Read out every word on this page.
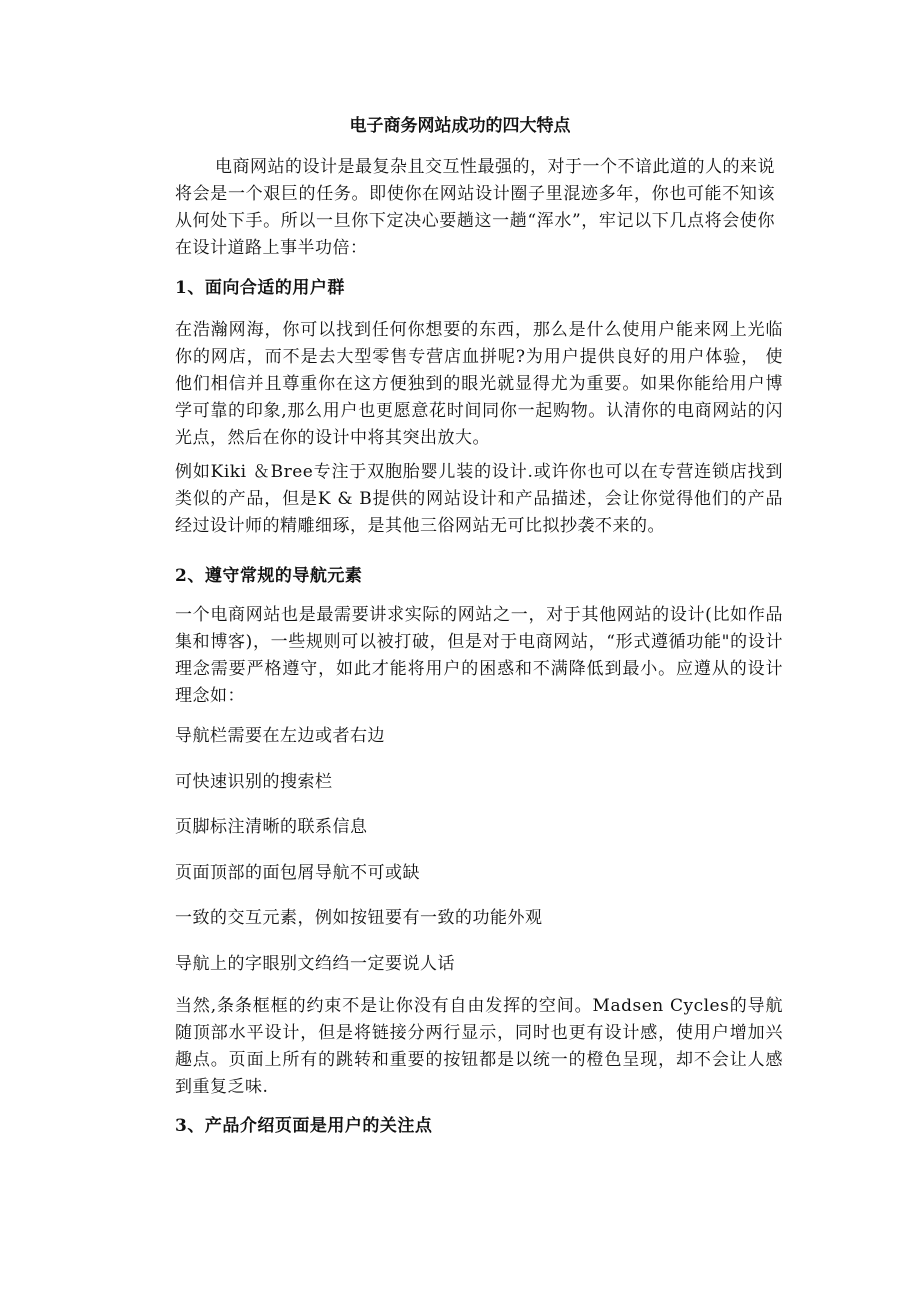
电子商务网站成功的四大特点

电商网站的设计是最复杂且交互性最强的，对于一个不谙此道的人的来说将会是一个艰巨的任务。即使你在网站设计圈子里混迹多年，你也可能不知该从何处下手。所以一旦你下定决心要趟这一趟“浑水”，牢记以下几点将会使你在设计道路上事半功倍：

1、面向合适的用户群

在浩瀚网海，你可以找到任何你想要的东西，那么是什么使用户能来网上光临你的网店，而不是去大型零售专营店血拼呢?为用户提供良好的用户体验， 使他们相信并且尊重你在这方便独到的眼光就显得尤为重要。如果你能给用户博学可靠的印象,那么用户也更愿意花时间同你一起购物。认清你的电商网站的闪光点，然后在你的设计中将其突出放大。

例如Kiki ＆Bree专注于双胞胎婴儿装的设计.或许你也可以在专营连锁店找到类似的产品，但是K & B提供的网站设计和产品描述，会让你觉得他们的产品经过设计师的精雕细琢，是其他三俗网站无可比拟抄袭不来的。

2、遵守常规的导航元素

一个电商网站也是最需要讲求实际的网站之一，对于其他网站的设计(比如作品集和博客)，一些规则可以被打破，但是对于电商网站，“形式遵循功能"的设计理念需要严格遵守，如此才能将用户的困惑和不满降低到最小。应遵从的设计理念如：

导航栏需要在左边或者右边
可快速识别的搜索栏
页脚标注清晰的联系信息
页面顶部的面包屑导航不可或缺
一致的交互元素，例如按钮要有一致的功能外观
导航上的字眼别文绉绉一定要说人话

当然,条条框框的约束不是让你没有自由发挥的空间。Madsen Cycles的导航随顶部水平设计，但是将链接分两行显示，同时也更有设计感，使用户增加兴趣点。页面上所有的跳转和重要的按钮都是以统一的橙色呈现，却不会让人感到重复乏味.

3、产品介绍页面是用户的关注点
